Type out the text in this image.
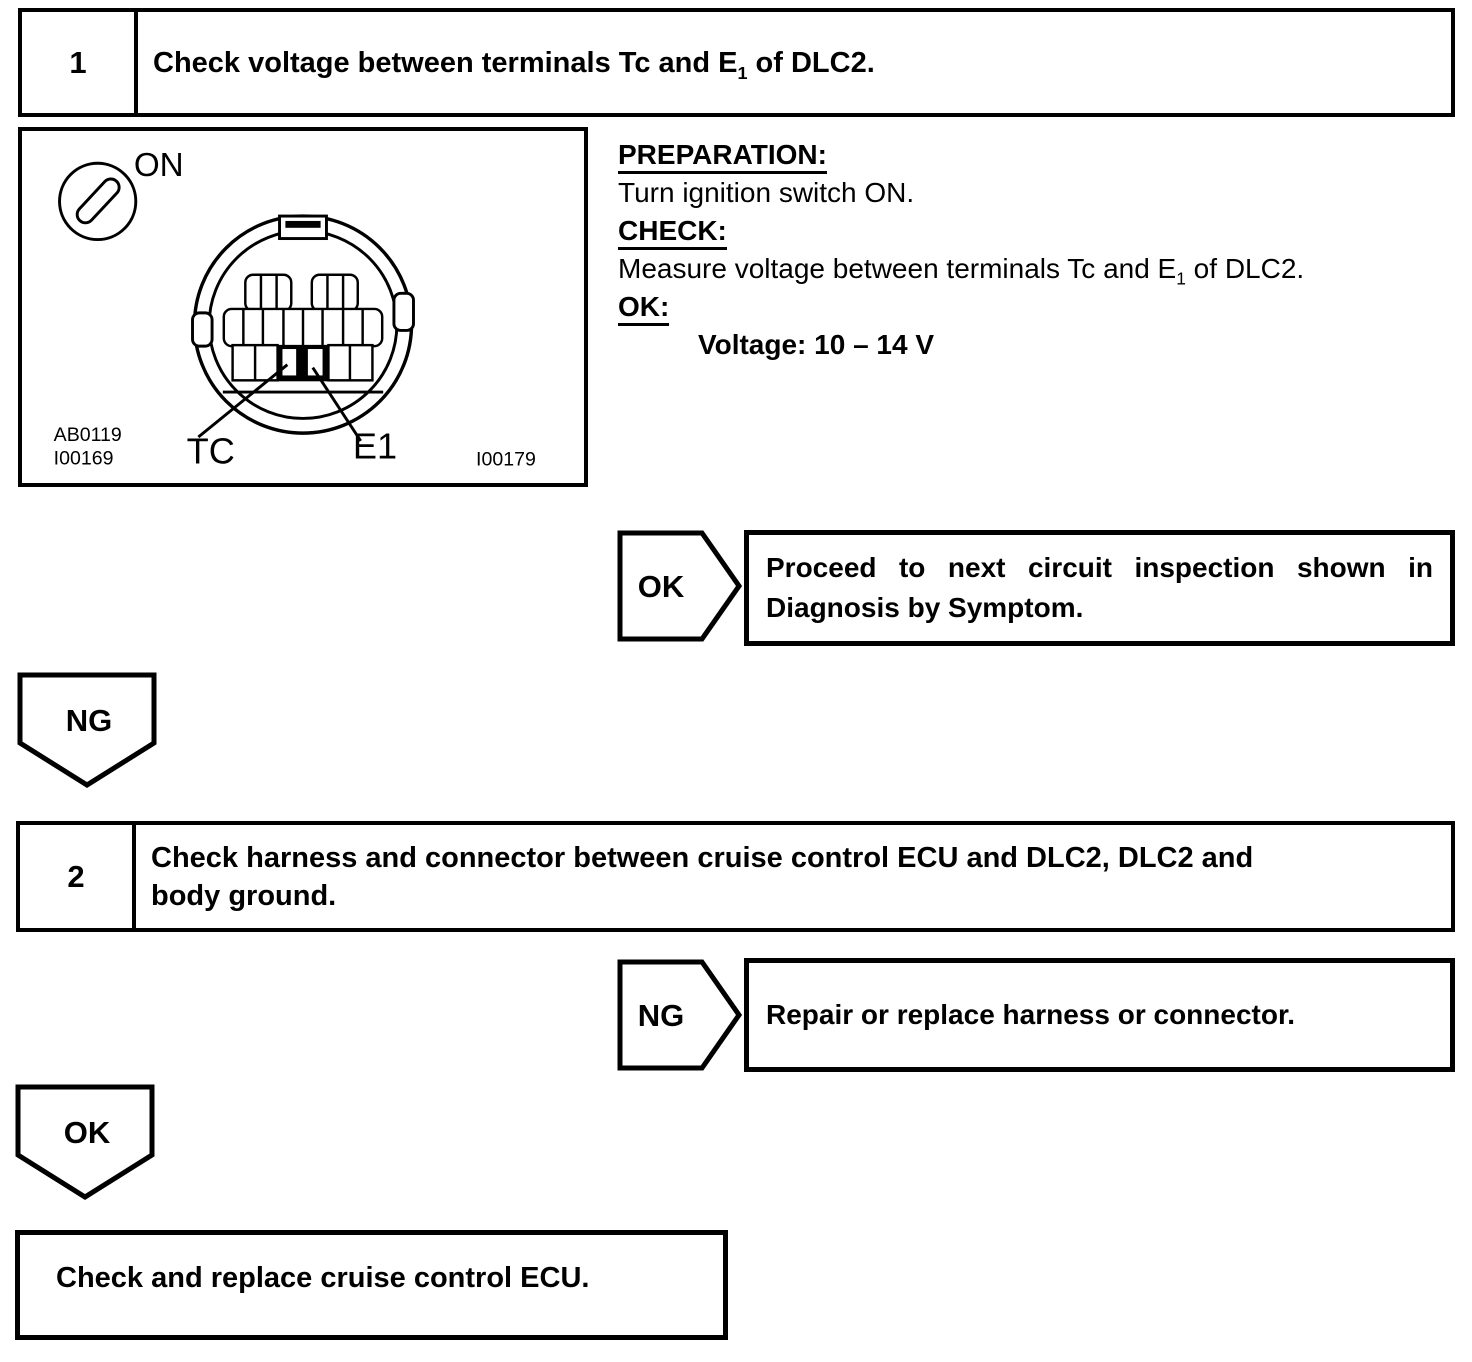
1	Check voltage between terminals Tc and $E_1$ of DLC2.
ON
TC	E1
AB0119
I00169	I00179
PREPARATION:
Turn ignition switch ON.
CHECK:
Measure voltage between terminals Tc and $E_1$ of DLC2.
OK:
Voltage: 10 – 14 V
OK
Proceed to next circuit inspection shown in
Diagnosis by Symptom.
NG
2
Check harness and connector between cruise control ECU and DLC2, DLC2 and
body ground.
NG	Repair or replace harness or connector.
OK
Check and replace cruise control ECU.
